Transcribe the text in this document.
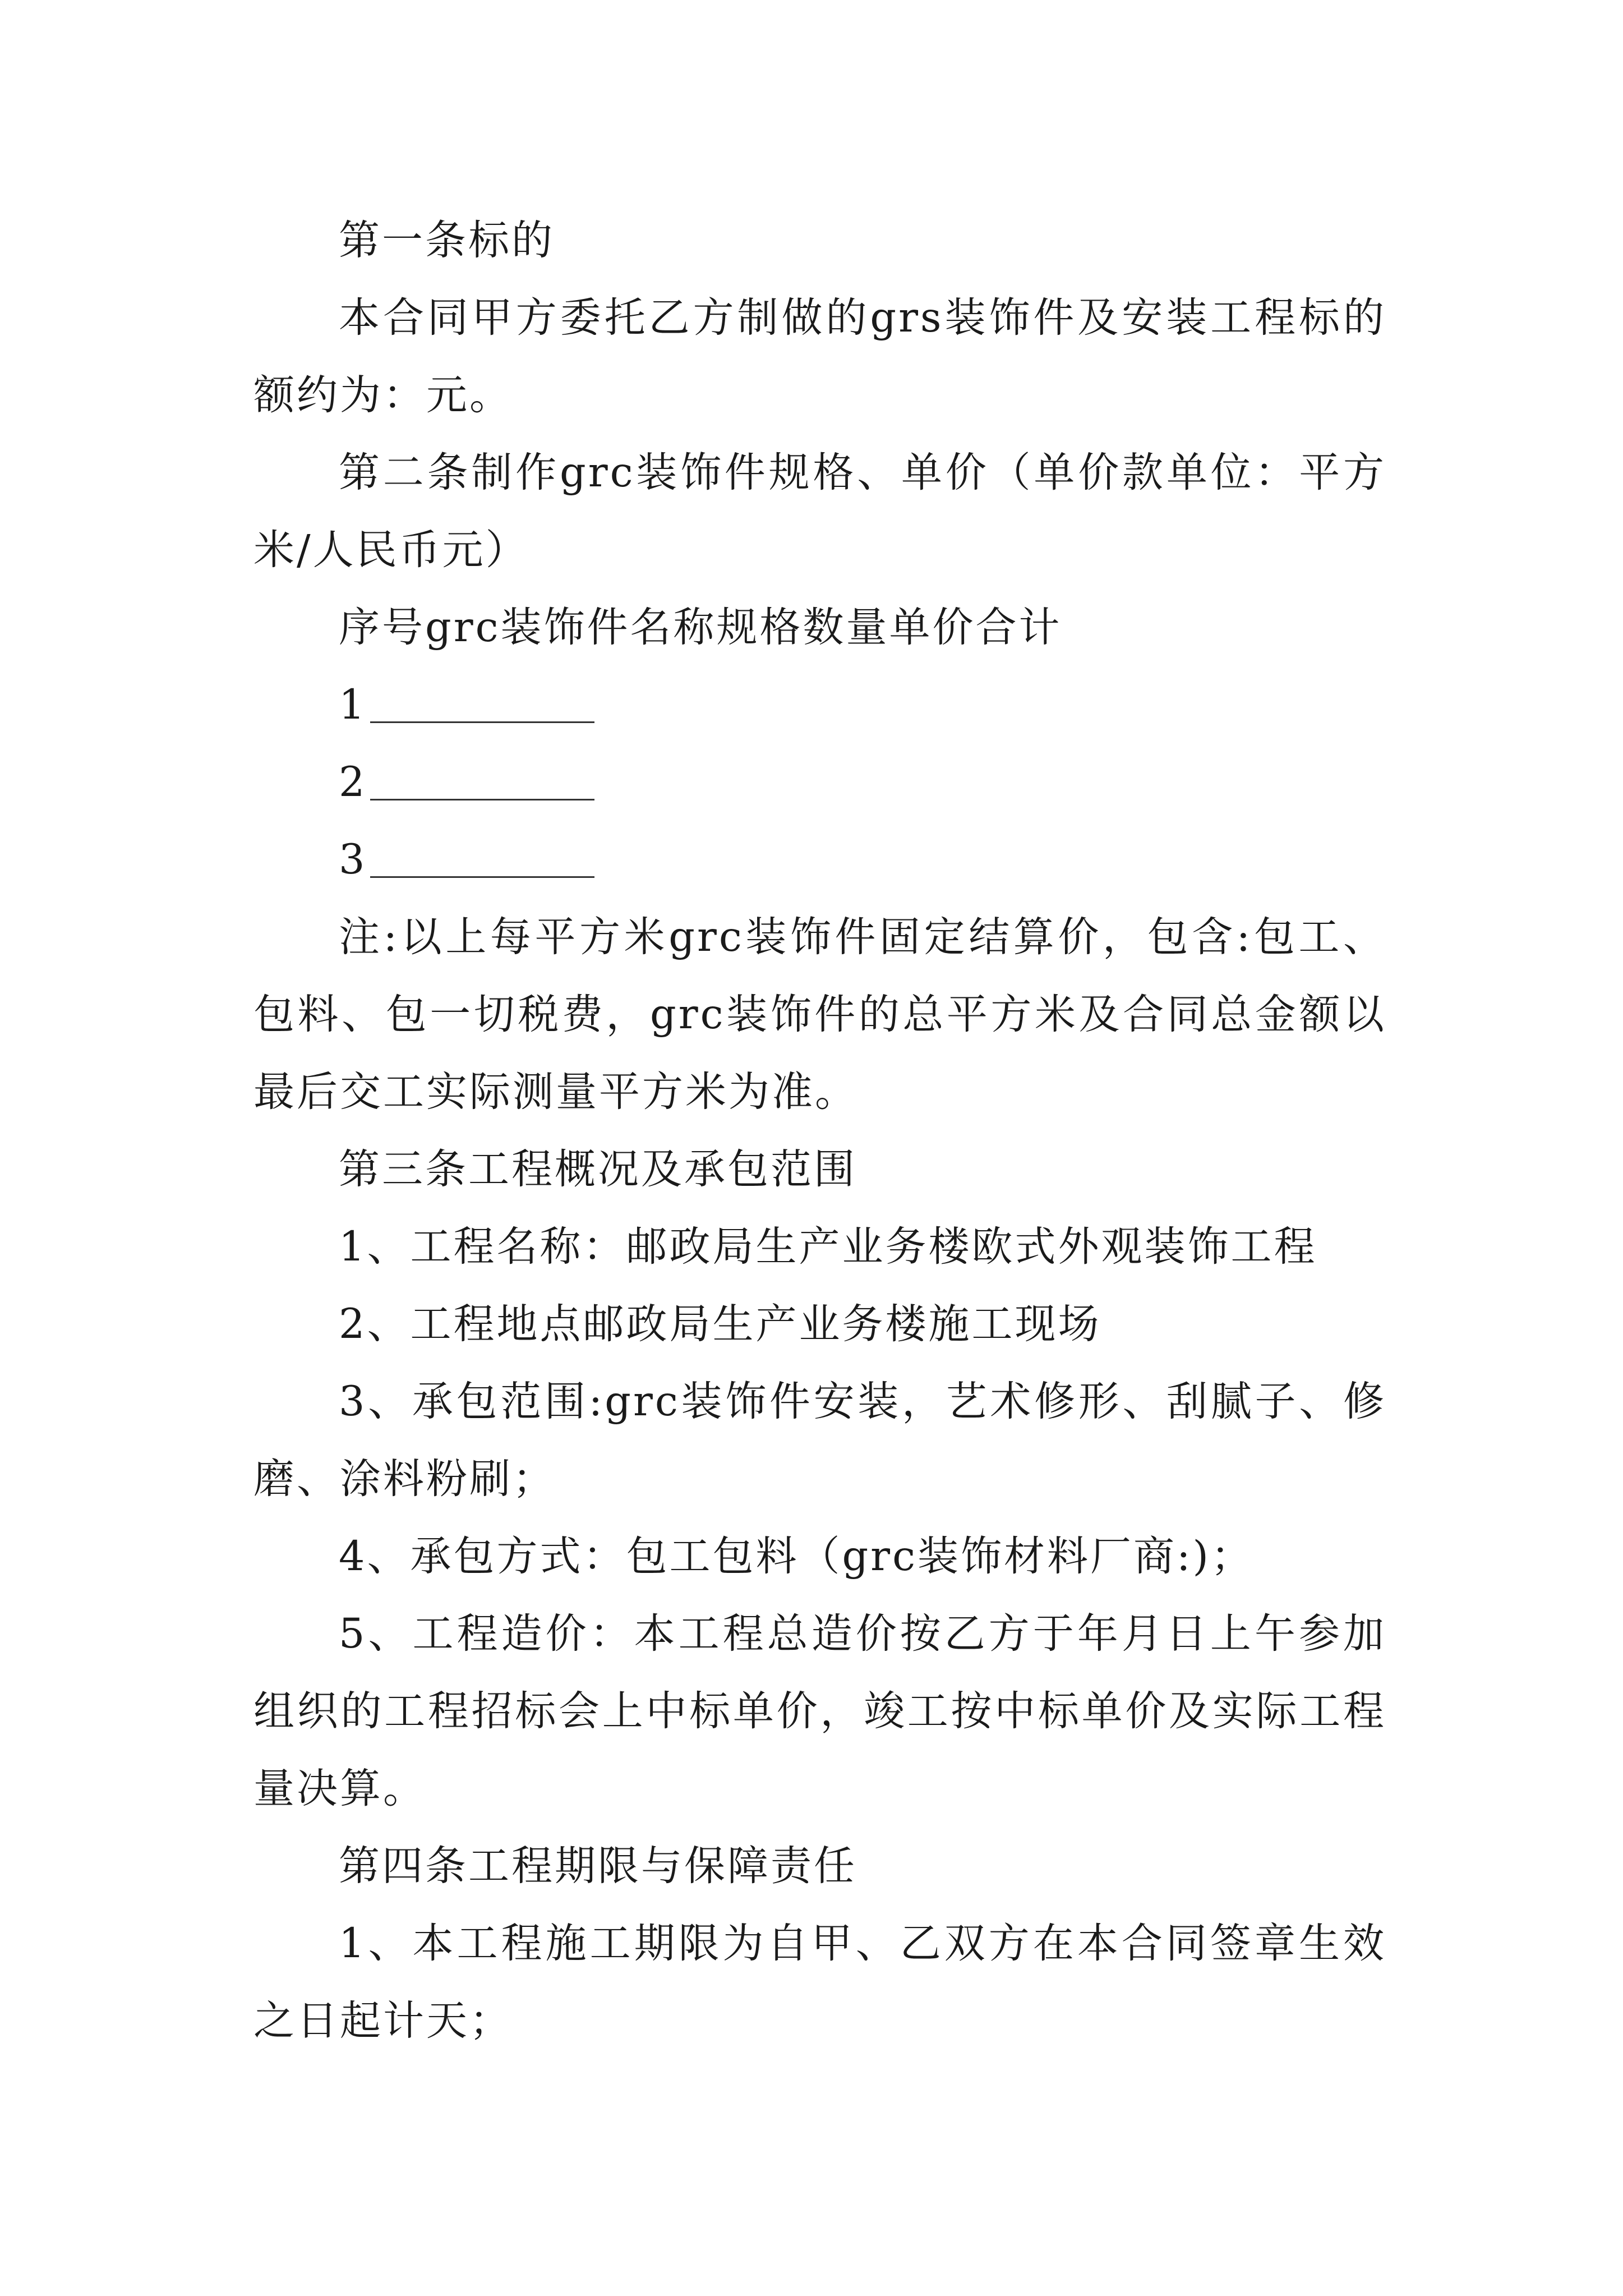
第一条标的

本合同甲方委托乙方制做的grs装饰件及安装工程标的额约为：元。

第二条制作grc装饰件规格、单价（单价款单位：平方米/人民币元）

序号grc装饰件名称规格数量单价合计

1

2

3

注:以上每平方米grc装饰件固定结算价，包含:包工、包料、包一切税费，grc装饰件的总平方米及合同总金额以最后交工实际测量平方米为准。

第三条工程概况及承包范围

1、工程名称：邮政局生产业务楼欧式外观装饰工程

2、工程地点邮政局生产业务楼施工现场

3、承包范围:grc装饰件安装，艺术修形、刮腻子、修磨、涂料粉刷；

4、承包方式：包工包料（grc装饰材料厂商:)；

5、工程造价：本工程总造价按乙方于年月日上午参加组织的工程招标会上中标单价，竣工按中标单价及实际工程量决算。

第四条工程期限与保障责任

1、本工程施工期限为自甲、乙双方在本合同签章生效之日起计天；
